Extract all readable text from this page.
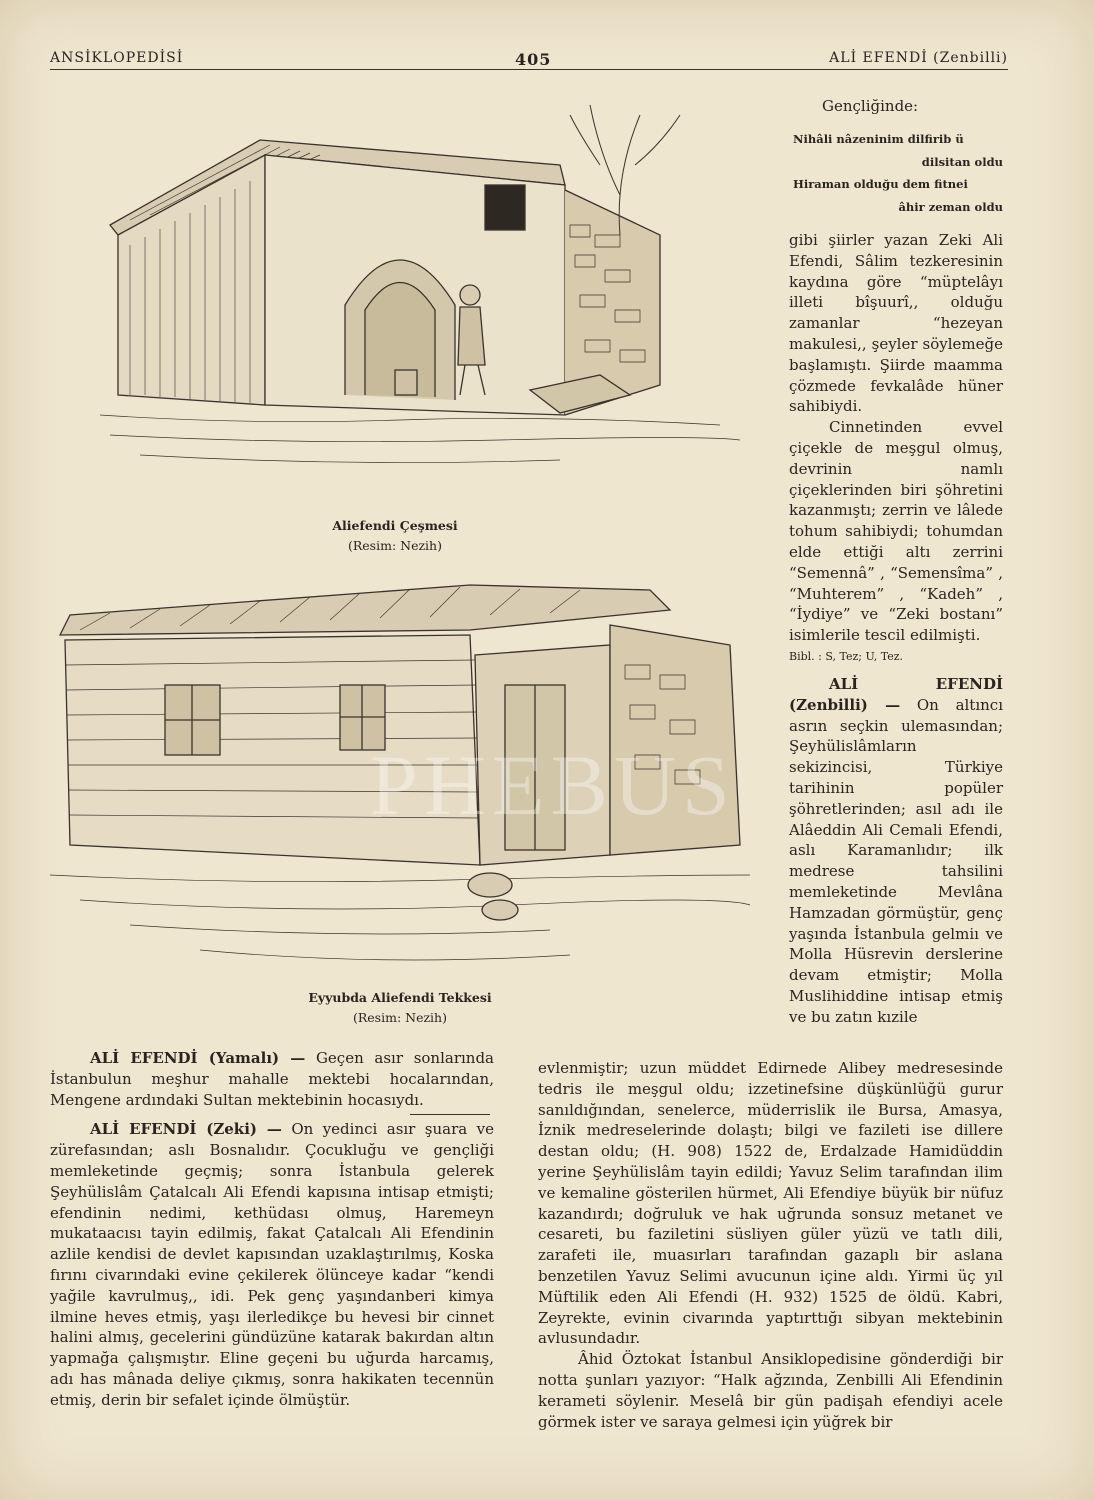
ANSİKLOPEDİSİ	405	ALİ EFENDİ (Zenbilli)
Aliefendi Çeşmesi
(Resim: Nezih)
PHEBUS
Eyyubda Aliefendi Tekkesi
(Resim: Nezih)
Gençliğinde:
Nihâli nâzeninim dilfirib ü
dilsitan oldu
Hiraman olduğu dem fitnei
âhir zeman oldu

gibi şiirler yazan Zeki Ali Efendi, Sâlim tezkeresinin kaydına göre “müptelâyı illeti bîşuurî,, olduğu zamanlar “hezeyan makulesi,, şeyler söylemeğe başlamıştı. Şiirde maamma çözmede fevkalâde hüner sahibiydi.

Cinnetinden evvel çiçekle de meşgul olmuş, devrinin namlı çiçeklerinden biri şöhretini kazanmıştı; zerrin ve lâlede tohum sahibiydi; tohumdan elde ettiği altı zerrini “Semennâ” , “Semensîma” , “Muhterem” , “Kadeh” , “İydiye” ve “Zeki bostanı” isimlerile tescil edilmişti.

Bibl. : S, Tez; U, Tez.

ALİ EFENDİ (Zenbilli) — On altıncı asrın seçkin ulemasından; Şeyhülislâmların sekizincisi, Türkiye tarihinin popüler şöhretlerinden; asıl adı ile Alâeddin Ali Cemali Efendi, aslı Karamanlıdır; ilk medrese tahsilini memleketinde Mevlâna Hamzadan görmüştür, genç yaşında İstanbula gelmiı ve Molla Hüsrevin derslerine devam etmiştir; Molla Muslihiddine intisap etmiş ve bu zatın kızile

ALİ EFENDİ (Yamalı) — Geçen asır sonlarında İstanbulun meşhur mahalle mektebi hocalarından, Mengene ardındaki Sultan mektebinin hocasıydı.

ALİ EFENDİ (Zeki) — On yedinci asır şuara ve zürefasından; aslı Bosnalıdır. Çocukluğu ve gençliği memleketinde geçmiş; sonra İstanbula gelerek Şeyhülislâm Çatalcalı Ali Efendi kapısına intisap etmişti; efendinin nedimi, kethüdası olmuş, Haremeyn mukataacısı tayin edilmiş, fakat Çatalcalı Ali Efendinin azlile kendisi de devlet kapısından uzaklaştırılmış, Koska fırını civarındaki evine çekilerek ölünceye kadar “kendi yağile kavrulmuş,, idi. Pek genç yaşındanberi kimya ilmine heves etmiş, yaşı ilerledikçe bu hevesi bir cinnet halini almış, gecelerini gündüzüne katarak bakırdan altın yapmağa çalışmıştır. Eline geçeni bu uğurda harcamış, adı has mânada deliye çıkmış, sonra hakikaten tecennün etmiş, derin bir sefalet içinde ölmüştür.

evlenmiştir; uzun müddet Edirnede Alibey medresesinde tedris ile meşgul oldu; izzetinefsine düşkünlüğü gurur sanıldığından, senelerce, müderrislik ile Bursa, Amasya, İznik medreselerinde dolaştı; bilgi ve fazileti ise dillere destan oldu; (H. 908) 1522 de, Erdalzade Hamidüddin yerine Şeyhülislâm tayin edildi; Yavuz Selim tarafından ilim ve kemaline gösterilen hürmet, Ali Efendiye büyük bir nüfuz kazandırdı; doğruluk ve hak uğrunda sonsuz metanet ve cesareti, bu faziletini süsliyen güler yüzü ve tatlı dili, zarafeti ile, muasırları tarafından gazaplı bir aslana benzetilen Yavuz Selimi avucunun içine aldı. Yirmi üç yıl Müftilik eden Ali Efendi (H. 932) 1525 de öldü. Kabri, Zeyrekte, evinin civarında yaptırttığı sibyan mektebinin avlusundadır.

Âhid Öztokat İstanbul Ansiklopedisine gönderdiği bir notta şunları yazıyor: “Halk ağzında, Zenbilli Ali Efendinin kerameti söylenir. Meselâ bir gün padişah efendiyi acele görmek ister ve saraya gelmesi için yüğrek bir
